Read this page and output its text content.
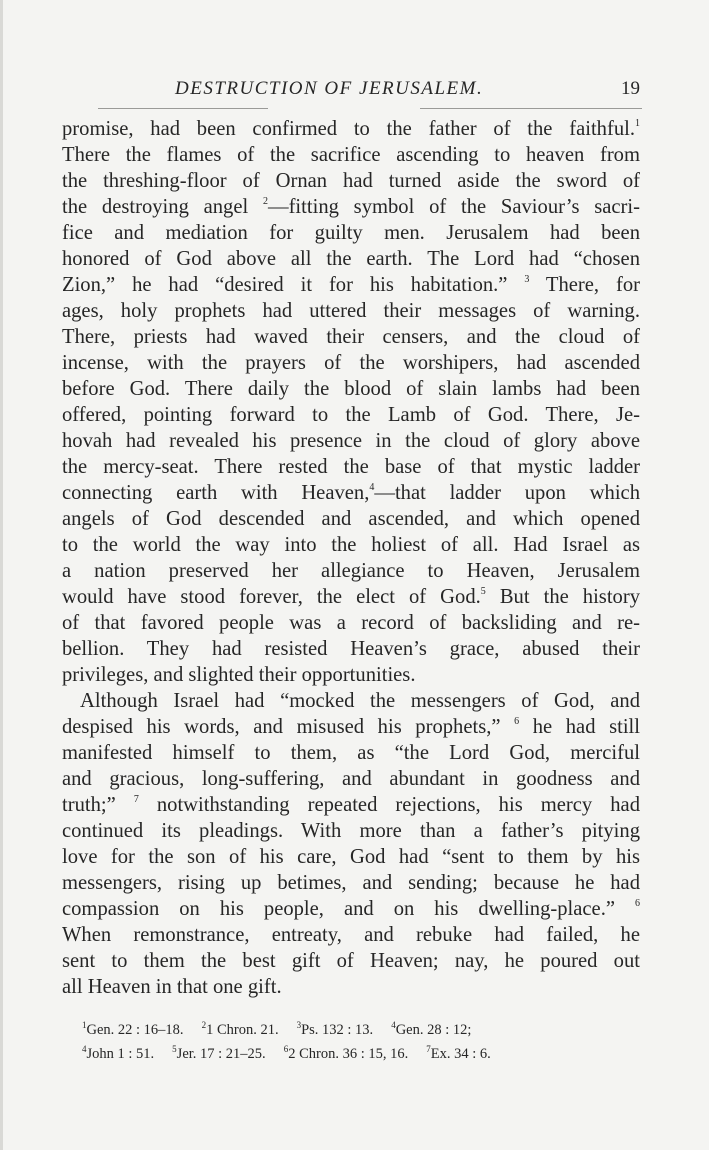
DESTRUCTION OF JERUSALEM.	19
promise, had been confirmed to the father of the faithful.$^1$
There the flames of the sacrifice ascending to heaven from
the threshing-floor of Ornan had turned aside the sword of
the destroying angel $^2$—fitting symbol of the Saviour’s sacri-
fice and mediation for guilty men. Jerusalem had been
honored of God above all the earth. The Lord had “chosen
Zion,” he had “desired it for his habitation.” $^3$ There, for
ages, holy prophets had uttered their messages of warning.
There, priests had waved their censers, and the cloud of
incense, with the prayers of the worshipers, had ascended
before God. There daily the blood of slain lambs had been
offered, pointing forward to the Lamb of God. There, Je-
hovah had revealed his presence in the cloud of glory above
the mercy-seat. There rested the base of that mystic ladder
connecting earth with Heaven,$^4$—that ladder upon which
angels of God descended and ascended, and which opened
to the world the way into the holiest of all. Had Israel as
a nation preserved her allegiance to Heaven, Jerusalem
would have stood forever, the elect of God.$^5$ But the history
of that favored people was a record of backsliding and re-
bellion. They had resisted Heaven’s grace, abused their
privileges, and slighted their opportunities.
Although Israel had “mocked the messengers of God, and
despised his words, and misused his prophets,” $^6$ he had still
manifested himself to them, as “the Lord God, merciful
and gracious, long-suffering, and abundant in goodness and
truth;” $^7$ notwithstanding repeated rejections, his mercy had
continued its pleadings. With more than a father’s pitying
love for the son of his care, God had “sent to them by his
messengers, rising up betimes, and sending; because he had
compassion on his people, and on his dwelling-place.” $^6$
When remonstrance, entreaty, and rebuke had failed, he
sent to them the best gift of Heaven; nay, he poured out
all Heaven in that one gift.
$^1$Gen. 22 : 16–18. $^2$1 Chron. 21. $^3$Ps. 132 : 13. $^4$Gen. 28 : 12;
$^4$John 1 : 51. $^5$Jer. 17 : 21–25. $^6$2 Chron. 36 : 15, 16. $^7$Ex. 34 : 6.
